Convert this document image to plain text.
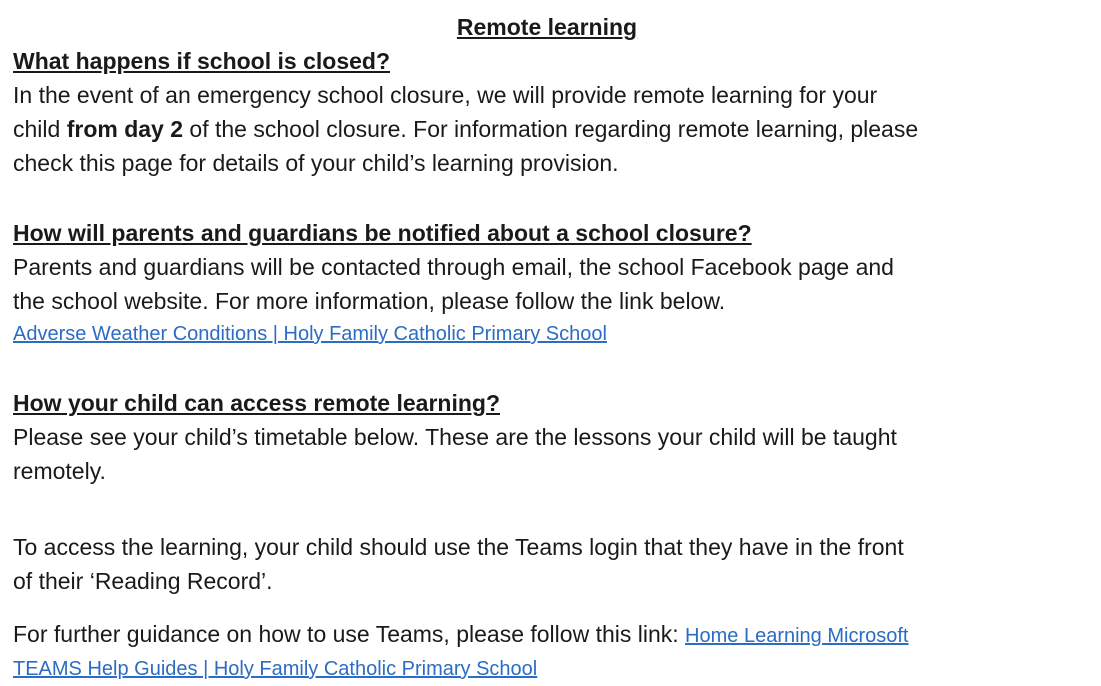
Remote learning
What happens if school is closed?
In the event of an emergency school closure, we will provide remote learning for your
child from day 2 of the school closure. For information regarding remote learning, please
check this page for details of your child’s learning provision.
How will parents and guardians be notified about a school closure?
Parents and guardians will be contacted through email, the school Facebook page and
the school website. For more information, please follow the link below.
Adverse Weather Conditions | Holy Family Catholic Primary School
How your child can access remote learning?
Please see your child’s timetable below. These are the lessons your child will be taught
remotely.
To access the learning, your child should use the Teams login that they have in the front
of their ‘Reading Record’.
For further guidance on how to use Teams, please follow this link: Home Learning Microsoft
TEAMS Help Guides | Holy Family Catholic Primary School
